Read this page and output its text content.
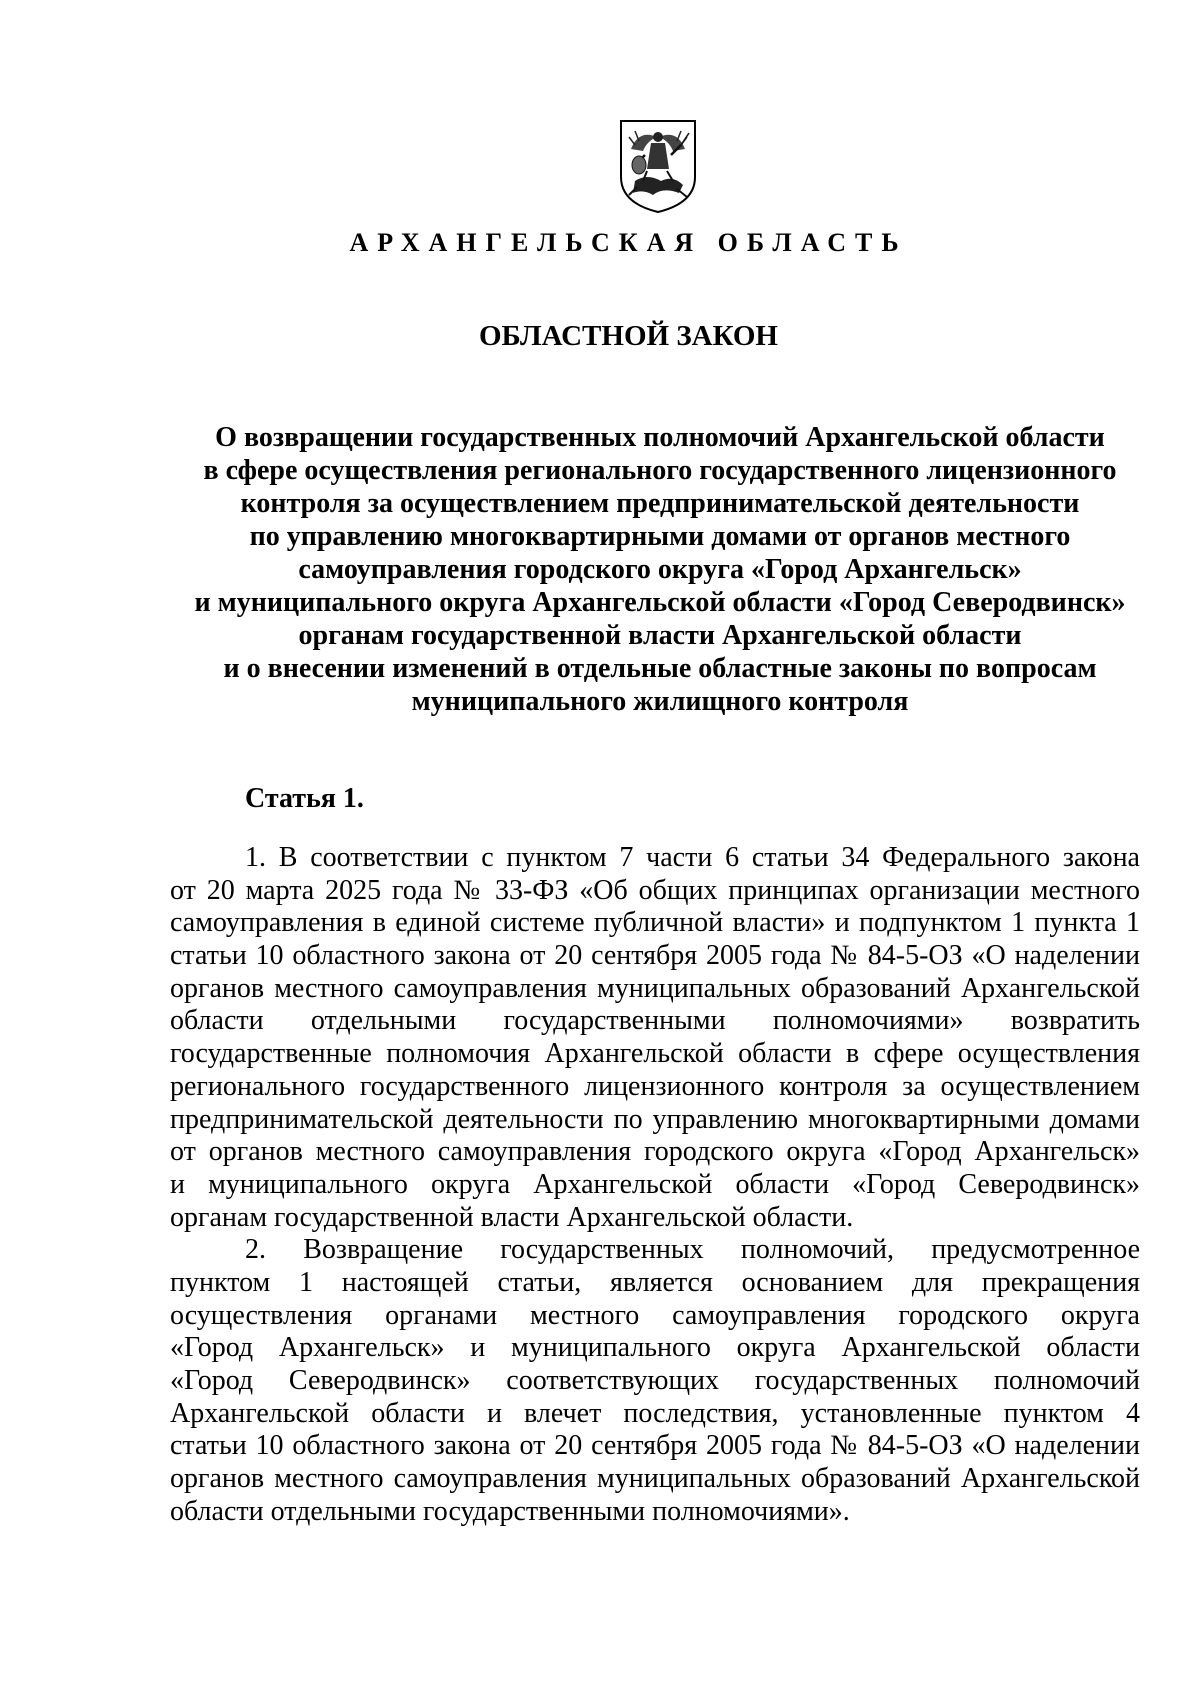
АРХАНГЕЛЬСКАЯ ОБЛАСТЬ
ОБЛАСТНОЙ ЗАКОН
О возвращении государственных полномочий Архангельской области
в сфере осуществления регионального государственного лицензионного
контроля за осуществлением предпринимательской деятельности
по управлению многоквартирными домами от органов местного
самоуправления городского округа «Город Архангельск»
и муниципального округа Архангельской области «Город Северодвинск»
органам государственной власти Архангельской области
и о внесении изменений в отдельные областные законы по вопросам
муниципального жилищного контроля
Статья 1.
1. В соответствии с пунктом 7 части 6 статьи 34 Федерального закона
от 20 марта 2025 года № 33-ФЗ «Об общих принципах организации местного
самоуправления в единой системе публичной власти» и подпунктом 1 пункта 1
статьи 10 областного закона от 20 сентября 2005 года № 84-5-ОЗ «О наделении
органов местного самоуправления муниципальных образований Архангельской
области отдельными государственными полномочиями» возвратить
государственные полномочия Архангельской области в сфере осуществления
регионального государственного лицензионного контроля за осуществлением
предпринимательской деятельности по управлению многоквартирными домами
от органов местного самоуправления городского округа «Город Архангельск»
и муниципального округа Архангельской области «Город Северодвинск»
органам государственной власти Архангельской области.
2. Возвращение государственных полномочий, предусмотренное
пунктом 1 настоящей статьи, является основанием для прекращения
осуществления органами местного самоуправления городского округа
«Город Архангельск» и муниципального округа Архангельской области
«Город Северодвинск» соответствующих государственных полномочий
Архангельской области и влечет последствия, установленные пунктом 4
статьи 10 областного закона от 20 сентября 2005 года № 84-5-ОЗ «О наделении
органов местного самоуправления муниципальных образований Архангельской
области отдельными государственными полномочиями».
